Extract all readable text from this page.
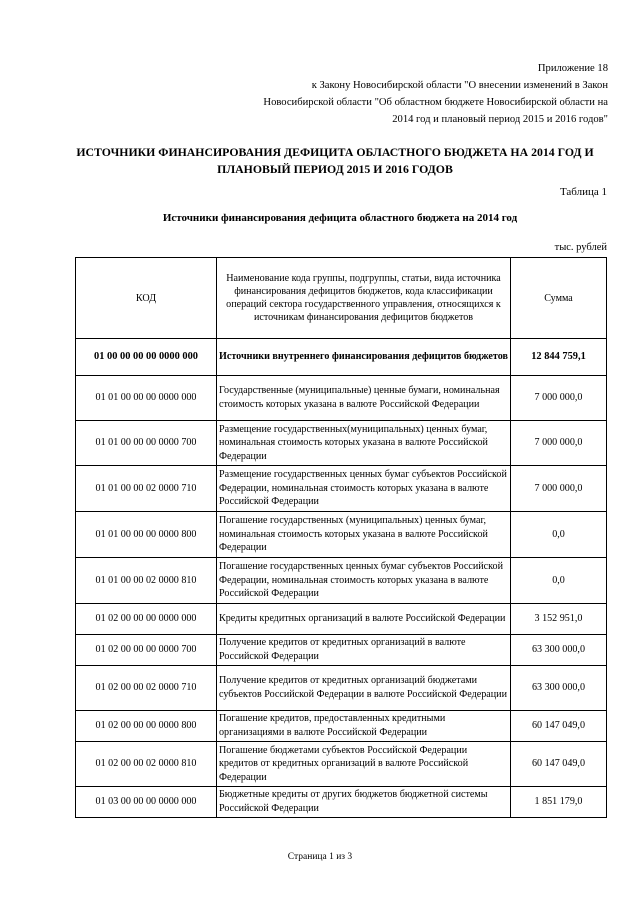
Приложение 18
к Закону Новосибирской области "О внесении изменений в Закон
Новосибирской области "Об областном бюджете Новосибирской области на
2014 год и плановый период 2015 и 2016 годов"
ИСТОЧНИКИ ФИНАНСИРОВАНИЯ ДЕФИЦИТА ОБЛАСТНОГО БЮДЖЕТА НА 2014 ГОД И
ПЛАНОВЫЙ ПЕРИОД 2015 И 2016 ГОДОВ
Таблица 1
Источники финансирования дефицита областного бюджета на 2014 год
тыс. рублей
КОД	Наименование кода группы, подгруппы, статьи, вида источника финансирования дефицитов бюджетов, кода классификации операций сектора государственного управления, относящихся к источникам финансирования дефицитов бюджетов	Сумма
01 00 00 00 00 0000 000	Источники внутреннего финансирования дефицитов бюджетов	12 844 759,1
01 01 00 00 00 0000 000	Государственные (муниципальные) ценные бумаги, номинальная стоимость которых указана в валюте Российской Федерации	7 000 000,0
01 01 00 00 00 0000 700	Размещение государственных(муниципальных) ценных бумаг, номинальная стоимость которых указана в валюте Российской Федерации	7 000 000,0
01 01 00 00 02 0000 710	Размещение государственных ценных бумаг субъектов Российской Федерации, номинальная стоимость которых указана в валюте Российской Федерации	7 000 000,0
01 01 00 00 00 0000 800	Погашение государственных (муниципальных) ценных бумаг, номинальная стоимость которых указана в валюте Российской Федерации	0,0
01 01 00 00 02 0000 810	Погашение государственных ценных бумаг субъектов Российской Федерации, номинальная стоимость которых указана в валюте Российской Федерации	0,0
01 02 00 00 00 0000 000	Кредиты кредитных организаций в валюте Российской Федерации	3 152 951,0
01 02 00 00 00 0000 700	Получение кредитов от кредитных организаций в валюте Российской Федерации	63 300 000,0
01 02 00 00 02 0000 710	Получение кредитов от кредитных организаций бюджетами субъектов Российской Федерации в валюте Российской Федерации	63 300 000,0
01 02 00 00 00 0000 800	Погашение кредитов, предоставленных кредитными организациями в валюте Российской Федерации	60 147 049,0
01 02 00 00 02 0000 810	Погашение бюджетами субъектов Российской Федерации кредитов от кредитных организаций в валюте Российской Федерации	60 147 049,0
01 03 00 00 00 0000 000	Бюджетные кредиты от других бюджетов бюджетной системы Российской Федерации	1 851 179,0
Страница 1 из 3
